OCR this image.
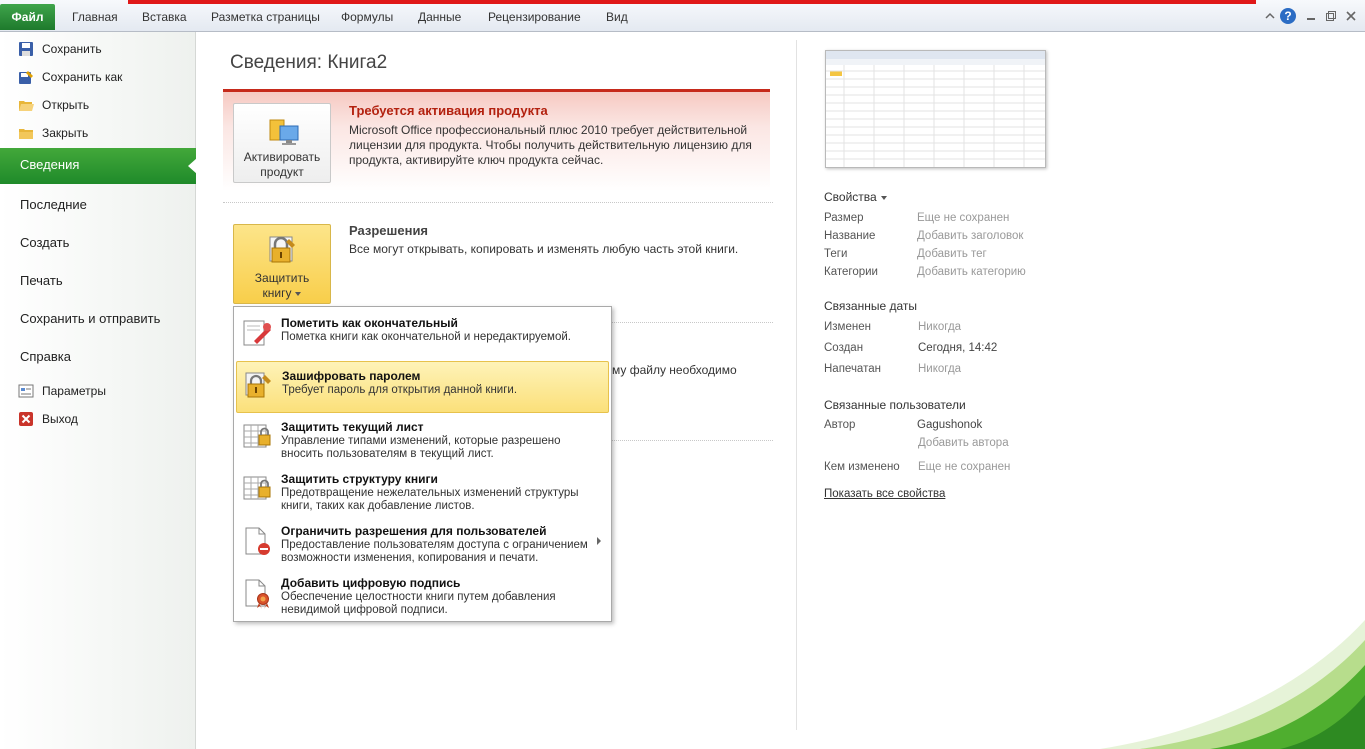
Файл	Главная Вставка Разметка страницы Формулы Данные Рецензирование Вид	?
Сохранить
Сохранить как
Открыть
Закрыть
Сведения
Последние
Создать
Печать
Сохранить и отправить
Справка
Параметры
Выход
Сведения: Книга2
Активировать
продукт
Требуется активация продукта
Microsoft Office профессиональный плюс 2010 требует действительной
лицензии для продукта. Чтобы получить действительную лицензию для
продукта, активируйте ключ продукта сейчас.
Защитить
книгу
Разрешения
Все могут открывать, копировать и изменять любую часть этой книги.
му файлу необходимо
Пометить как окончательный
Пометка книги как окончательной и нередактируемой.
Зашифровать паролем
Требует пароль для открытия данной книги.
Защитить текущий лист
Управление типами изменений, которые разрешено
вносить пользователям в текущий лист.
Защитить структуру книги
Предотвращение нежелательных изменений структуры
книги, таких как добавление листов.
Ограничить разрешения для пользователей
Предоставление пользователям доступа с ограничением
возможности изменения, копирования и печати.
Добавить цифровую подпись
Обеспечение целостности книги путем добавления
невидимой цифровой подписи.
Свойства
Размер	Еще не сохранен
Название	Добавить заголовок
Теги	Добавить тег
Категории	Добавить категорию
Связанные даты
Изменен	Никогда
Создан	Сегодня, 14:42
Напечатан	Никогда
Связанные пользователи
Автор	Gagushonok
Добавить автора
Кем изменено Еще не сохранен
Показать все свойства
